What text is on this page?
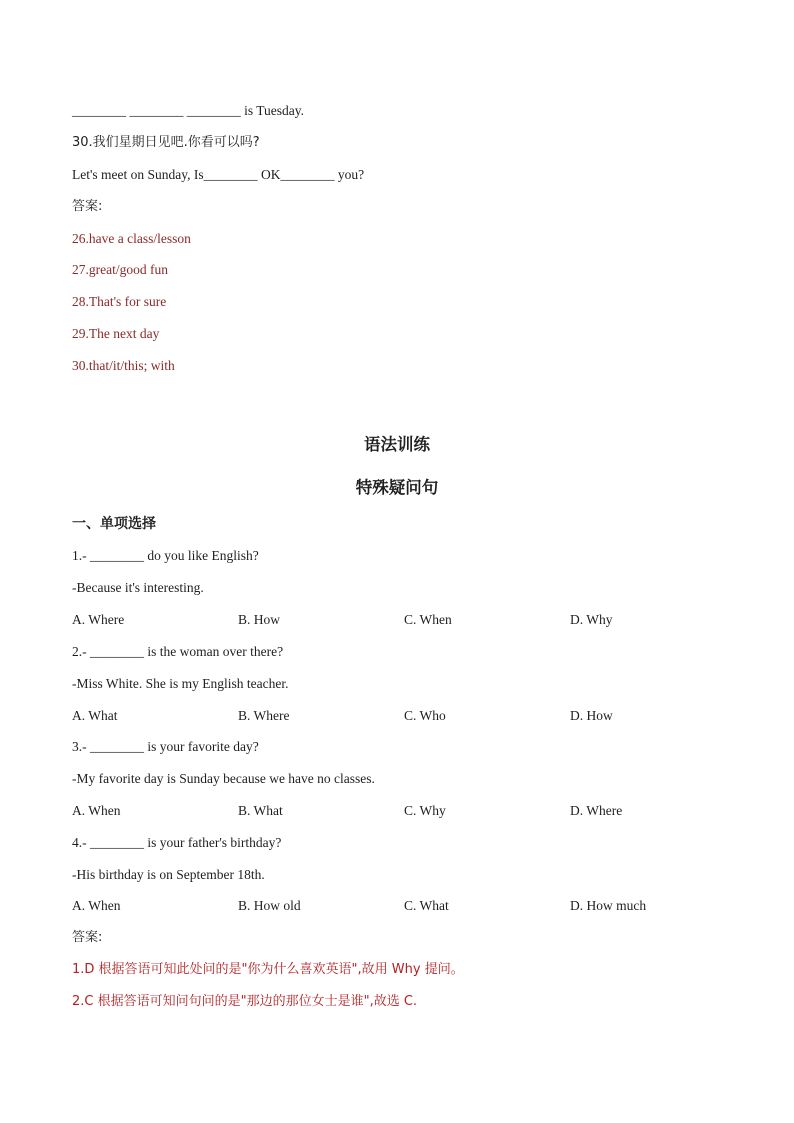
________ ________ ________ is Tuesday.
30.我们星期日见吧.你看可以吗?
Let's meet on Sunday, Is________ OK________ you?
答案:
26.have a class/lesson
27.great/good fun
28.That's for sure
29.The next day
30.that/it/this; with
语法训练
特殊疑问句
一、单项选择
1.- ________ do you like English?
-Because it's interesting.
A. Where	B. How	C. When	D. Why
2.- ________ is the woman over there?
-Miss White. She is my English teacher.
A. What	B. Where	C. Who	D. How
3.- ________ is your favorite day?
-My favorite day is Sunday because we have no classes.
A. When	B. What	C. Why	D. Where
4.- ________ is your father's birthday?
-His birthday is on September 18th.
A. When	B. How old	C. What	D. How much
答案:
1.D 根据答语可知此处问的是"你为什么喜欢英语",故用 Why 提问。
2.C 根据答语可知问句问的是"那边的那位女士是谁",故选 C.
